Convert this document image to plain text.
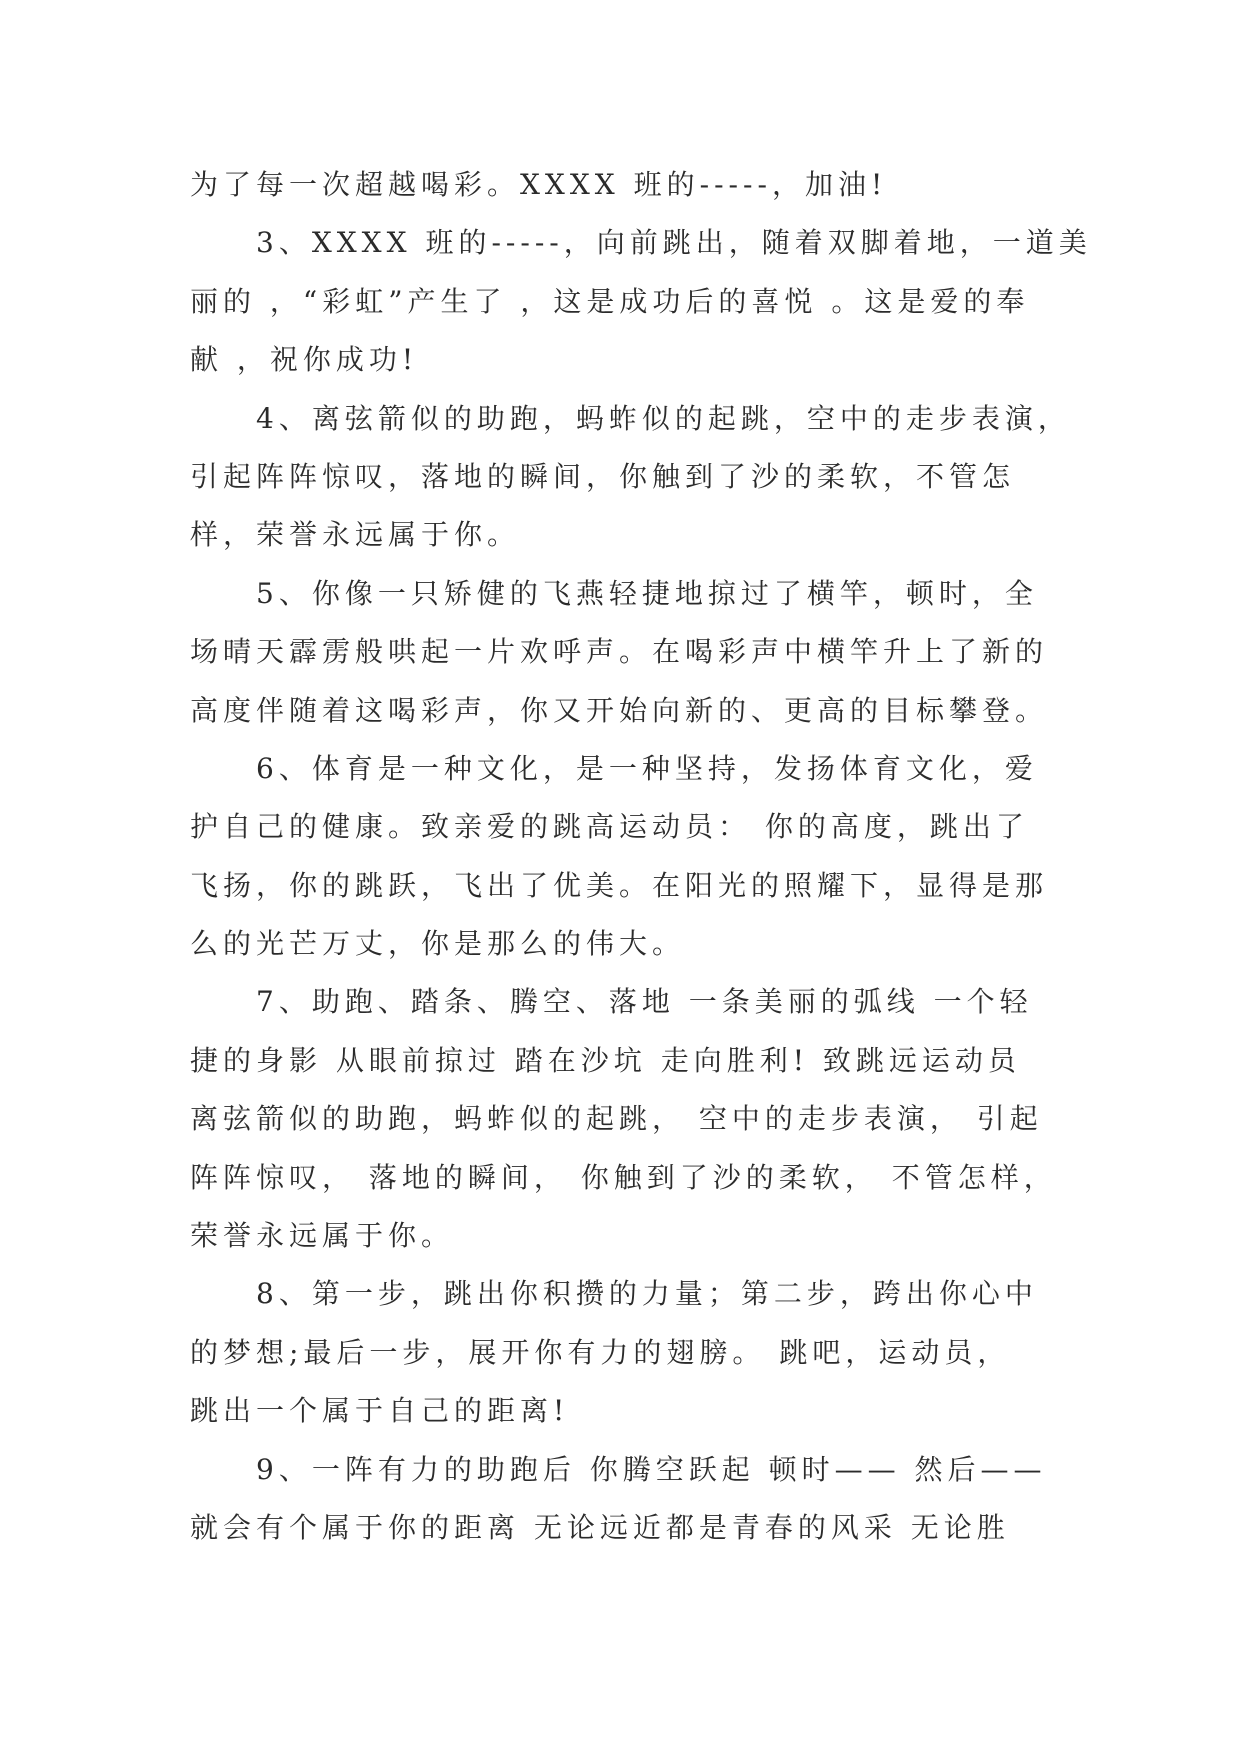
为了每一次超越喝彩。XXXX 班的-----，加油!
3、XXXX 班的-----，向前跳出，随着双脚着地，一道美
丽的 ，“彩虹”产生了 ，这是成功后的喜悦 。这是爱的奉
献 ，祝你成功!
4、离弦箭似的助跑，蚂蚱似的起跳，空中的走步表演，
引起阵阵惊叹，落地的瞬间，你触到了沙的柔软，不管怎
样，荣誉永远属于你。
5、你像一只矫健的飞燕轻捷地掠过了横竿，顿时，全
场晴天霹雳般哄起一片欢呼声。在喝彩声中横竿升上了新的
高度伴随着这喝彩声，你又开始向新的、更高的目标攀登。
6、体育是一种文化，是一种坚持，发扬体育文化，爱
护自己的健康。致亲爱的跳高运动员： 你的高度，跳出了
飞扬，你的跳跃，飞出了优美。在阳光的照耀下，显得是那
么的光芒万丈，你是那么的伟大。
7、助跑、踏条、腾空、落地 一条美丽的弧线 一个轻
捷的身影 从眼前掠过 踏在沙坑 走向胜利! 致跳远运动员
离弦箭似的助跑，蚂蚱似的起跳， 空中的走步表演， 引起
阵阵惊叹， 落地的瞬间， 你触到了沙的柔软， 不管怎样，
荣誉永远属于你。
8、第一步，跳出你积攒的力量；第二步，跨出你心中
的梦想;最后一步，展开你有力的翅膀。 跳吧，运动员，
跳出一个属于自己的距离!
9、一阵有力的助跑后 你腾空跃起 顿时—— 然后——
就会有个属于你的距离 无论远近都是青春的风采 无论胜
